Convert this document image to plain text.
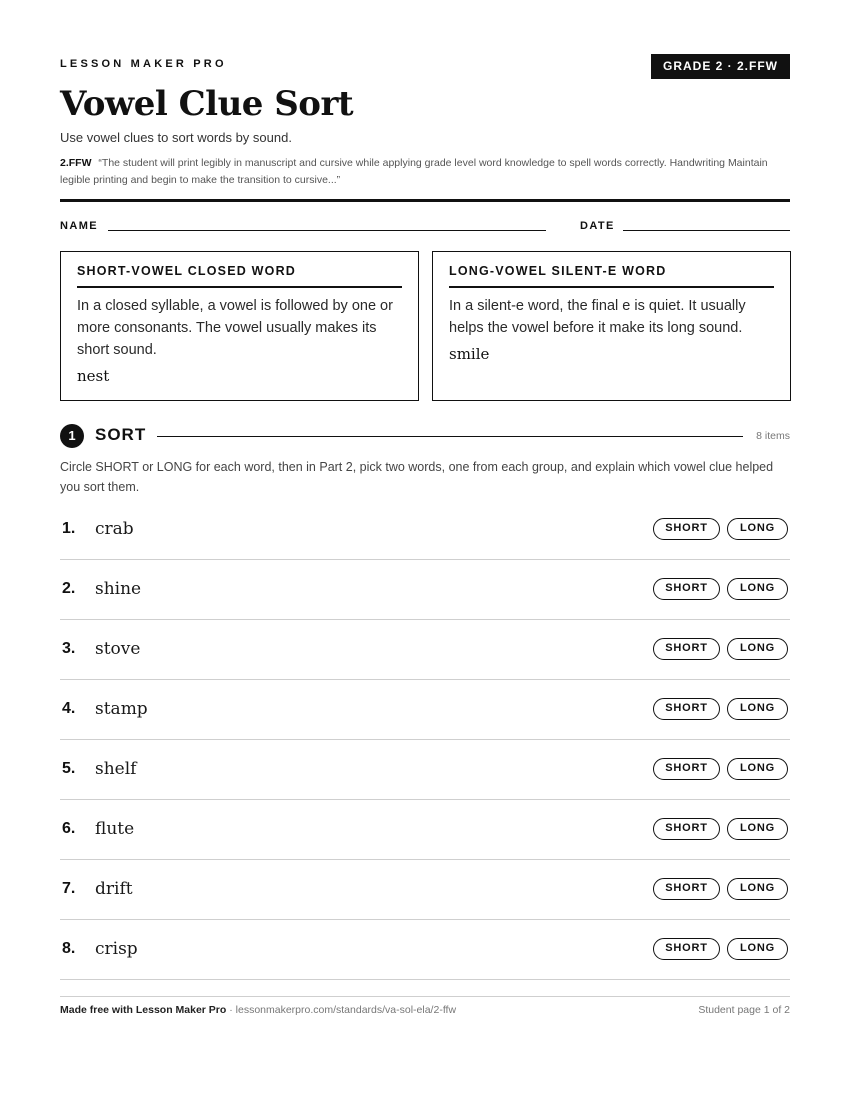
LESSON MAKER PRO	GRADE 2 · 2.FFW
Vowel Clue Sort
Use vowel clues to sort words by sound.
2.FFW “The student will print legibly in manuscript and cursive while applying grade level word knowledge to spell words correctly. Handwriting Maintain legible printing and begin to make the transition to cursive...”
NAME	DATE
SHORT-VOWEL CLOSED WORD
In a closed syllable, a vowel is followed by one or more consonants. The vowel usually makes its short sound.
nest
LONG-VOWEL SILENT-E WORD
In a silent-e word, the final e is quiet. It usually helps the vowel before it make its long sound.
smile
1	SORT	8 items
Circle SHORT or LONG for each word, then in Part 2, pick two words, one from each group, and explain which vowel clue helped you sort them.
1. crab	SHORT	LONG
2. shine	SHORT	LONG
3. stove	SHORT	LONG
4. stamp	SHORT	LONG
5. shelf	SHORT	LONG
6. flute	SHORT	LONG
7. drift	SHORT	LONG
8. crisp	SHORT	LONG
Made free with Lesson Maker Pro · lessonmakerpro.com/standards/va-sol-ela/2-ffw	Student page 1 of 2
